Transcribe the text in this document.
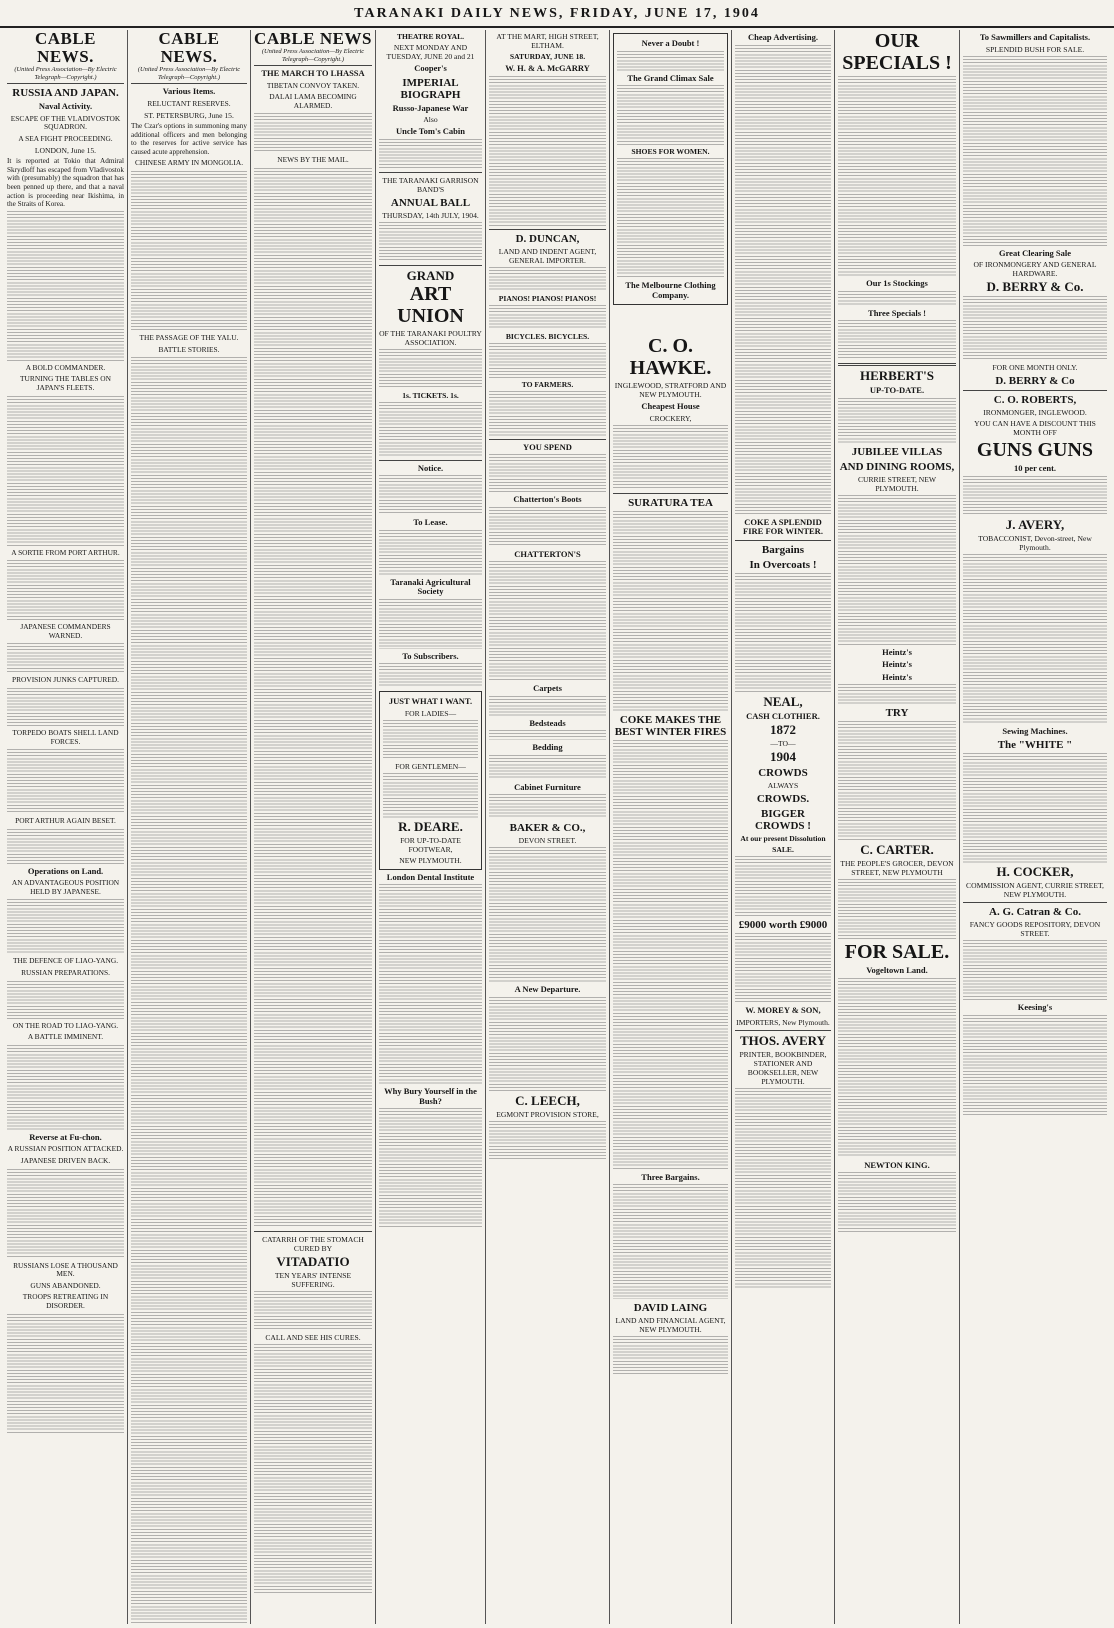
TARANAKI DAILY NEWS, FRIDAY, JUNE 17, 1904
CABLE NEWS.
(United Press Association—By Electric Telegraph—Copyright.)
RUSSIA AND JAPAN.
Naval Activity.
ESCAPE OF THE VLADIVOSTOK SQUADRON.
A SEA FIGHT PROCEEDING.
LONDON, June 15.
It is reported at Tokio that Admiral Skrydloff has escaped from Vladivostok with (presumably) the squadron that has been penned up there, and that a naval action is proceeding near Ikishima, in the Straits of Korea.
A BOLD COMMANDER.
TURNING THE TABLES ON JAPAN'S FLEETS.
A SORTIE FROM PORT ARTHUR.
JAPANESE COMMANDERS WARNED.
PROVISION JUNKS CAPTURED.
TORPEDO BOATS SHELL LAND FORCES.
PORT ARTHUR AGAIN BESET.
Operations on Land.
AN ADVANTAGEOUS POSITION HELD BY JAPANESE.
THE DEFENCE OF LIAO-YANG.
RUSSIAN PREPARATIONS.
ON THE ROAD TO LIAO-YANG.
A BATTLE IMMINENT.
Reverse at Fu-chon.
A RUSSIAN POSITION ATTACKED.
JAPANESE DRIVEN BACK.
RUSSIANS LOSE A THOUSAND MEN.
GUNS ABANDONED.
TROOPS RETREATING IN DISORDER.
CABLE NEWS.
(United Press Association—By Electric Telegraph—Copyright.)
Various Items.
RELUCTANT RESERVES.
ST. PETERSBURG, June 15.
The Czar's options in summoning many additional officers and men belonging to the reserves for active service has caused acute apprehension.
CHINESE ARMY IN MONGOLIA.
THE PASSAGE OF THE YALU.
BATTLE STORIES.
CABLE NEWS
(United Press Association—By Electric Telegraph—Copyright.)
THE MARCH TO LHASSA
TIBETAN CONVOY TAKEN.
DALAI LAMA BECOMING ALARMED.
NEWS BY THE MAIL.
CATARRH OF THE STOMACH CURED BY
VITADATIO
TEN YEARS' INTENSE SUFFERING.
CALL AND SEE HIS CURES.
THEATRE ROYAL.
NEXT MONDAY AND TUESDAY, JUNE 20 and 21
Cooper's
IMPERIAL BIOGRAPH
Russo-Japanese War
Also
Uncle Tom's Cabin
THE TARANAKI GARRISON BAND'S
ANNUAL BALL
THURSDAY, 14th JULY, 1904.
GRAND
ART UNION
OF THE TARANAKI POULTRY ASSOCIATION.
1s. TICKETS. 1s.
Notice.
To Lease.
Taranaki Agricultural Society
To Subscribers.
JUST WHAT I WANT.
FOR LADIES—
FOR GENTLEMEN—
R. DEARE.
FOR UP-TO-DATE FOOTWEAR,
NEW PLYMOUTH.
London Dental Institute
Why Bury Yourself in the Bush?
AT THE MART, HIGH STREET, ELTHAM.
SATURDAY, JUNE 18.
W. H. & A. McGARRY
D. DUNCAN,
LAND AND INDENT AGENT, GENERAL IMPORTER.
PIANOS! PIANOS! PIANOS!
BICYCLES. BICYCLES.
TO FARMERS.
YOU SPEND
Chatterton's Boots
CHATTERTON'S
Carpets
Bedsteads
Bedding
Cabinet Furniture
BAKER & CO.,
DEVON STREET.
A New Departure.
C. LEECH,
EGMONT PROVISION STORE,
Never a Doubt !
The Grand Climax Sale
SHOES FOR WOMEN.
The Melbourne Clothing Company.
C. O. HAWKE.
INGLEWOOD, STRATFORD AND NEW PLYMOUTH.
Cheapest House
CROCKERY,
SURATURA TEA
COKE MAKES THE BEST WINTER FIRES
Three Bargains.
DAVID LAING
LAND AND FINANCIAL AGENT, NEW PLYMOUTH.
Cheap Advertising.
COKE A SPLENDID FIRE FOR WINTER.
Bargains
In Overcoats !
NEAL,
CASH CLOTHIER.
1872
—TO—
1904
CROWDS
ALWAYS
CROWDS.
BIGGER CROWDS !
At our present Dissolution
SALE.
£9000 worth £9000
W. MOREY & SON,
IMPORTERS, New Plymouth.
THOS. AVERY
PRINTER, BOOKBINDER, STATIONER AND BOOKSELLER, NEW PLYMOUTH.
OUR
SPECIALS !
Our 1s Stockings
Three Specials !
HERBERT'S
UP-TO-DATE.
JUBILEE VILLAS
AND DINING ROOMS,
CURRIE STREET, NEW PLYMOUTH.
Heintz's
Heintz's
Heintz's
TRY
C. CARTER.
THE PEOPLE'S GROCER, DEVON STREET, NEW PLYMOUTH
FOR SALE.
Vogeltown Land.
NEWTON KING.
To Sawmillers and Capitalists.
SPLENDID BUSH FOR SALE.
Great Clearing Sale
OF IRONMONGERY AND GENERAL HARDWARE.
D. BERRY & Co.
FOR ONE MONTH ONLY.
D. BERRY & Co
C. O. ROBERTS,
IRONMONGER, INGLEWOOD.
YOU CAN HAVE A DISCOUNT THIS MONTH OFF
GUNS GUNS
10 per cent.
J. AVERY,
TOBACCONIST, Devon-street, New Plymouth.
Sewing Machines.
The "WHITE "
H. COCKER,
COMMISSION AGENT, CURRIE STREET, NEW PLYMOUTH.
A. G. Catran & Co.
FANCY GOODS REPOSITORY, DEVON STREET.
Keesing's
